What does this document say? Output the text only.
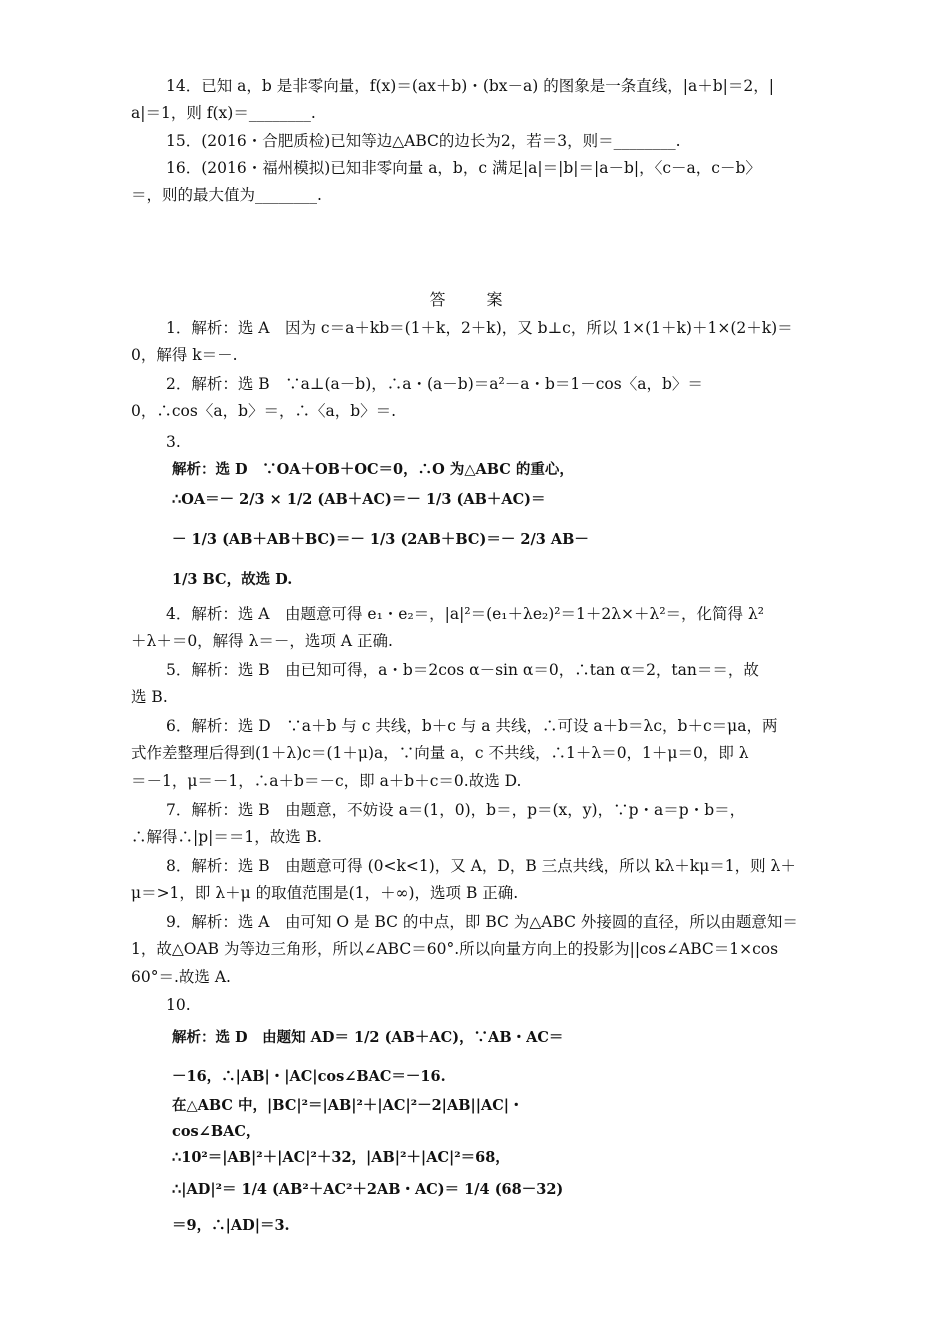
14．已知 a，b 是非零向量，f(x)＝(ax＋b)・(bx－a) 的图象是一条直线，|a＋b|＝2，|
a|＝1，则 f(x)＝________.
15．(2016・合肥质检)已知等边△ABC的边长为2，若＝3，则＝________.
16．(2016・福州模拟)已知非零向量 a，b，c 满足|a|＝|b|＝|a－b|，〈c－a，c－b〉
＝，则的最大值为________.
答 案
1．解析：选 A　因为 c＝a＋kb＝(1＋k，2＋k)，又 b⊥c，所以 1×(1＋k)＋1×(2＋k)＝
0，解得 k＝－.
2．解析：选 B　∵a⊥(a－b)，∴a・(a－b)＝a²－a・b＝1－cos〈a，b〉＝
0，∴cos〈a，b〉＝，∴〈a，b〉＝.
3.
解析：选 D　∵OA＋OB＋OC＝0，∴O 为△ABC 的重心，
∴OA＝－ 2/3 × 1/2 (AB＋AC)＝－ 1/3 (AB＋AC)＝
－ 1/3 (AB＋AB＋BC)＝－ 1/3 (2AB＋BC)＝－ 2/3 AB－
1/3 BC，故选 D.
4．解析：选 A　由题意可得 e₁・e₂＝，|a|²＝(e₁＋λe₂)²＝1＋2λ×＋λ²＝，化简得 λ²
＋λ＋＝0，解得 λ＝－，选项 A 正确.
5．解析：选 B　由已知可得，a・b＝2cos α－sin α＝0，∴tan α＝2，tan＝＝，故
选 B.
6．解析：选 D　∵a＋b 与 c 共线，b＋c 与 a 共线，∴可设 a＋b＝λc，b＋c＝μa，两
式作差整理后得到(1＋λ)c＝(1＋μ)a，∵向量 a，c 不共线，∴1＋λ＝0，1＋μ＝0，即 λ
＝－1，μ＝－1，∴a＋b＝－c，即 a＋b＋c＝0.故选 D.
7．解析：选 B　由题意，不妨设 a＝(1，0)，b＝，p＝(x，y)，∵p・a＝p・b＝，
∴解得∴|p|＝＝1，故选 B.
8．解析：选 B　由题意可得 (0<k<1)，又 A，D，B 三点共线，所以 kλ＋kμ＝1，则 λ＋
μ＝>1，即 λ＋μ 的取值范围是(1，＋∞)，选项 B 正确.
9．解析：选 A　由可知 O 是 BC 的中点，即 BC 为△ABC 外接圆的直径，所以由题意知＝
1，故△OAB 为等边三角形，所以∠ABC＝60°.所以向量方向上的投影为||cos∠ABC＝1×cos
60°＝.故选 A.
10.
解析：选 D　由题知 AD＝ 1/2 (AB＋AC)，∵AB・AC＝
－16，∴|AB|・|AC|cos∠BAC＝－16.
在△ABC 中，|BC|²＝|AB|²＋|AC|²－2|AB||AC|・
cos∠BAC，
∴10²＝|AB|²＋|AC|²＋32，|AB|²＋|AC|²＝68，
∴|AD|²＝ 1/4 (AB²＋AC²＋2AB・AC)＝ 1/4 (68－32)
＝9，∴|AD|＝3.
